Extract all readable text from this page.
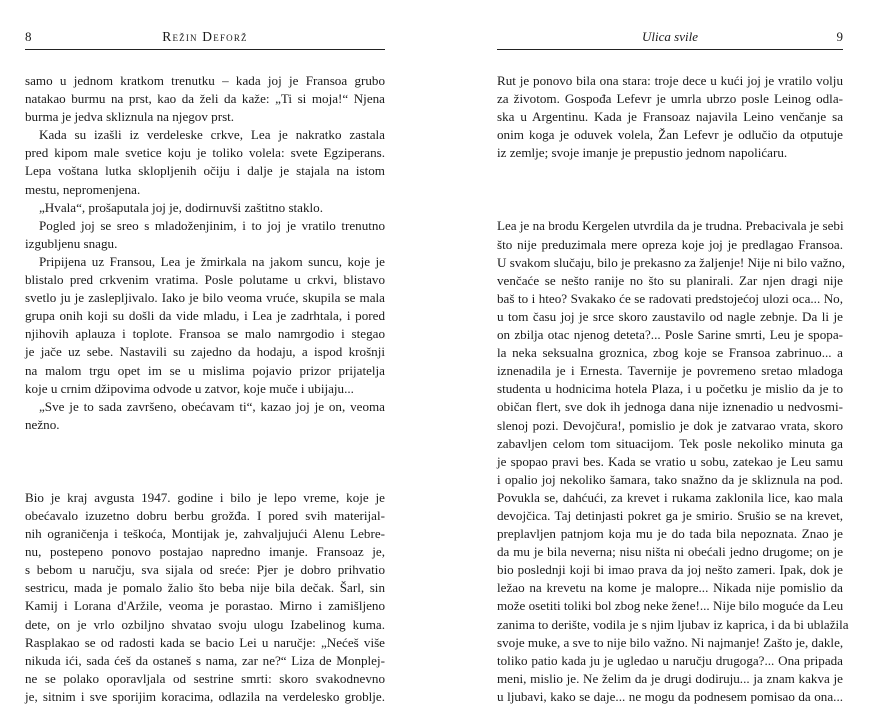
8	Režin Deforž
samo u jednom kratkom trenutku – kada joj je Fransoa grubo
natakao burmu na prst, kao da želi da kaže: „Ti si moja!“ Njena
burma je jedva skliznula na njegov prst.
Kada su izašli iz verdeleske crkve, Lea je nakratko zastala
pred kipom male svetice koju je toliko volela: svete Egziperans.
Lepa voštana lutka sklopljenih očiju i dalje je stajala na istom
mestu, nepromenjena.
„Hvala“, prošaputala joj je, dodirnuvši zaštitno staklo.
Pogled joj se sreo s mladoženjinim, i to joj je vratilo trenutno
izgubljenu snagu.
Pripijena uz Fransou, Lea je žmirkala na jakom suncu, koje je
blistalo pred crkvenim vratima. Posle polutame u crkvi, blistavo
svetlo ju je zaslepljivalo. Iako je bilo veoma vruće, skupila se mala
grupa onih koji su došli da vide mladu, i Lea je zadrhtala, i pored
njihovih aplauza i toplote. Fransoa se malo namrgodio i stegao
je jače uz sebe. Nastavili su zajedno da hodaju, a ispod krošnji
na malom trgu opet im se u mislima pojavio prizor prijatelja
koje u crnim džipovima odvode u zatvor, koje muče i ubijaju...
„Sve je to sada završeno, obećavam ti“, kazao joj je on, veoma
nežno.
Bio je kraj avgusta 1947. godine i bilo je lepo vreme, koje je
obećavalo izuzetno dobru berbu grožđa. I pored svih materijal-
nih ograničenja i teškoća, Montijak je, zahvaljujući Alenu Lebre-
nu, postepeno ponovo postajao napredno imanje. Fransoaz je,
s bebom u naručju, sva sijala od sreće: Pjer je dobro prihvatio
sestricu, mada je pomalo žalio što beba nije bila dečak. Šarl, sin
Kamij i Lorana d'Aržile, veoma je porastao. Mirno i zamišljeno
dete, on je vrlo ozbiljno shvatao svoju ulogu Izabelinog kuma.
Rasplakao se od radosti kada se bacio Lei u naručje: „Nećeš više
nikuda ići, sada ćeš da ostaneš s nama, zar ne?“ Liza de Monplej-
ne se polako oporavljala od sestrine smrti: skoro svakodnevno
je, sitnim i sve sporijim koracima, odlazila na verdelesko groblje.
Ulica svile	9
Rut je ponovo bila ona stara: troje dece u kući joj je vratilo volju
za životom. Gospođa Lefevr je umrla ubrzo posle Leinog odla-
ska u Argentinu. Kada je Fransoaz najavila Leino venčanje sa
onim koga je oduvek volela, Žan Lefevr je odlučio da otputuje
iz zemlje; svoje imanje je prepustio jednom napolićaru.
Lea je na brodu Kergelen utvrdila da je trudna. Prebacivala je sebi
što nije preduzimala mere opreza koje joj je predlagao Fransoa.
U svakom slučaju, bilo je prekasno za žaljenje! Nije ni bilo važno,
venčaće se nešto ranije no što su planirali. Zar njen dragi nije
baš to i hteo? Svakako će se radovati predstojećoj ulozi oca... No,
u tom času joj je srce skoro zaustavilo od nagle zebnje. Da li je
on zbilja otac njenog deteta?... Posle Sarine smrti, Leu je spopa-
la neka seksualna groznica, zbog koje se Fransoa zabrinuo... a
iznenadila je i Ernesta. Tavernije je povremeno sretao mladoga
studenta u hodnicima hotela Plaza, i u početku je mislio da je to
običan flert, sve dok ih jednoga dana nije iznenadio u nedvosmi-
slenoj pozi. Devojčura!, pomislio je dok je zatvarao vrata, skoro
zabavljen celom tom situacijom. Tek posle nekoliko minuta ga
je spopao pravi bes. Kada se vratio u sobu, zatekao je Leu samu
i opalio joj nekoliko šamara, tako snažno da je skliznula na pod.
Povukla se, dahćući, za krevet i rukama zaklonila lice, kao mala
devojčica. Taj detinjasti pokret ga je smirio. Srušio se na krevet,
preplavljen patnjom koja mu je do tada bila nepoznata. Znao je
da mu je bila neverna; nisu ništa ni obećali jedno drugome; on je
bio poslednji koji bi imao prava da joj nešto zameri. Ipak, dok je
ležao na krevetu na kome je malopre... Nikada nije pomislio da
može osetiti toliki bol zbog neke žene!... Nije bilo moguće da Leu
zanima to derište, vodila je s njim ljubav iz kaprica, i da bi ublažila
svoje muke, a sve to nije bilo važno. Ni najmanje! Zašto je, dakle,
toliko patio kada ju je ugledao u naručju drugoga?... Ona pripada
meni, mislio je. Ne želim da je drugi dodiruju... ja znam kakva je
u ljubavi, kako se daje... ne mogu da podnesem pomisao da ona...
